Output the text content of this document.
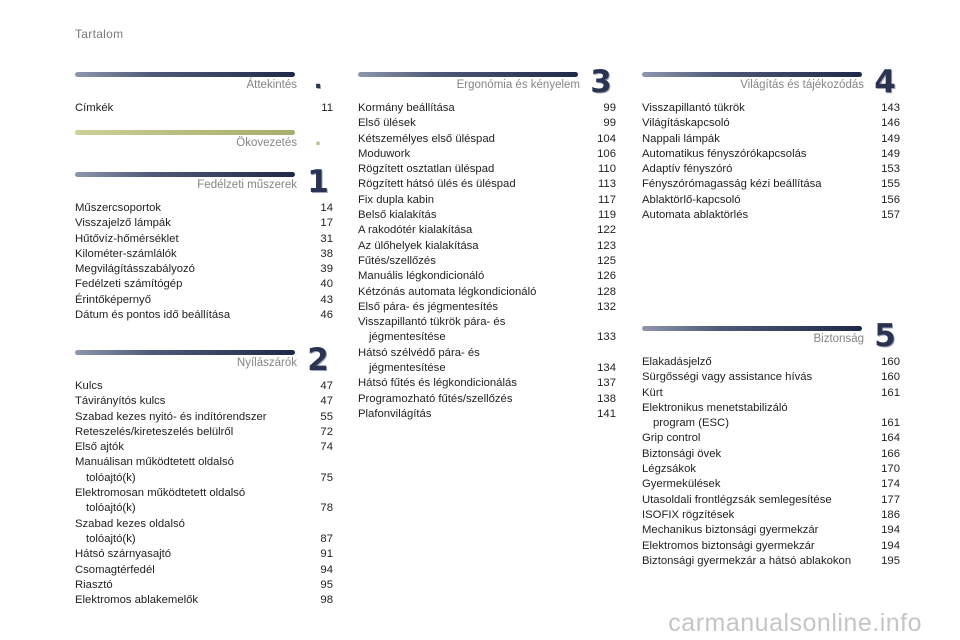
Tartalom
Áttekintés .
Címkék	11
Ökovezetés .
Fedélzeti műszerek 1
Műszercsoportok	14
Visszajelző lámpák	17
Hűtővíz-hőmérséklet	31
Kilométer-számlálók	38
Megvilágításszabályozó	39
Fedélzeti számítógép	40
Érintőképernyő	43
Dátum és pontos idő beállítása	46
Nyílászárók 2
Kulcs	47
Távirányítós kulcs	47
Szabad kezes nyitó- és indítórendszer	55
Reteszelés/kireteszelés belülről	72
Első ajtók	74
Manuálisan működtetett oldalsó
tolóajtó(k)	75
Elektromosan működtetett oldalsó
tolóajtó(k)	78
Szabad kezes oldalsó
tolóajtó(k)	87
Hátsó szárnyasajtó	91
Csomagtérfedél	94
Riasztó	95
Elektromos ablakemelők	98
Ergonómia és kényelem 3
Kormány beállítása	99
Első ülések	99
Kétszemélyes első üléspad	104
Moduwork	106
Rögzített osztatlan üléspad	110
Rögzített hátsó ülés és üléspad	113
Fix dupla kabin	117
Belső kialakítás	119
A rakodótér kialakítása	122
Az ülőhelyek kialakítása	123
Fűtés/szellőzés	125
Manuális légkondicionáló	126
Kétzónás automata légkondicionáló	128
Első pára- és jégmentesítés	132
Visszapillantó tükrök pára- és
jégmentesítése	133
Hátsó szélvédő pára- és
jégmentesítése	134
Hátsó fűtés és légkondicionálás	137
Programozható fűtés/szellőzés	138
Plafonvilágítás	141
Világítás és tájékozódás 4
Visszapillantó tükrök	143
Világításkapcsoló	146
Nappali lámpák	149
Automatikus fényszórókapcsolás	149
Adaptív fényszóró	153
Fényszórómagasság kézi beállítása	155
Ablaktörlő-kapcsoló	156
Automata ablaktörlés	157
Biztonság 5
Elakadásjelző	160
Sürgősségi vagy assistance hívás	160
Kürt	161
Elektronikus menetstabilizáló
program (ESC)	161
Grip control	164
Biztonsági övek	166
Légzsákok	170
Gyermekülések	174
Utasoldali frontlégzsák semlegesítése	177
ISOFIX rögzítések	186
Mechanikus biztonsági gyermekzár	194
Elektromos biztonsági gyermekzár	194
Biztonsági gyermekzár a hátsó ablakokon	195
carmanualsonline.info
